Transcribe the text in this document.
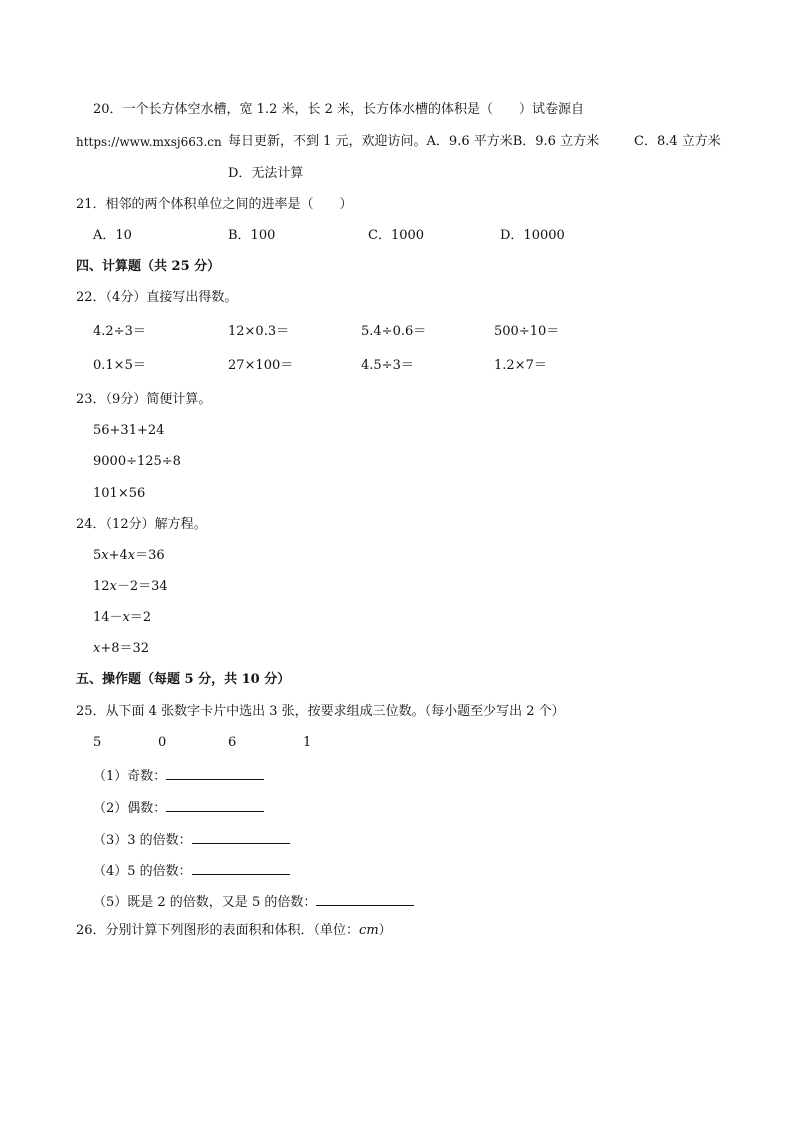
20．一个长方体空水槽，宽 1.2 米，长 2 米，长方体水槽的体积是（　　）试卷源自
https://www.mxsj663.cn 每日更新，不到 1 元，欢迎访问。A．9.6 平方米B．9.6 立方米	C．8.4 立方米
D．无法计算
21．相邻的两个体积单位之间的进率是（　　）
A．10	B．100	C．1000	D．10000
四、计算题（共 25 分）
22．（4分）直接写出得数。
4.2÷3＝	12×0.3＝	5.4÷0.6＝	500÷10＝
0.1×5＝	27×100＝	4.5÷3＝	1.2×7＝
23．（9分）简便计算。
56+31+24
9000÷125÷8
101×56
24．（12分）解方程。
5x+4x＝36
12x－2＝34
14－x＝2
x+8＝32
五、操作题（每题 5 分，共 10 分）
25．从下面 4 张数字卡片中选出 3 张，按要求组成三位数。（每小题至少写出 2 个）
5	0	6	1
（1）奇数：
（2）偶数：
（3）3 的倍数：
（4）5 的倍数：
（5）既是 2 的倍数，又是 5 的倍数：
26．分别计算下列图形的表面积和体积．（单位：cm）
